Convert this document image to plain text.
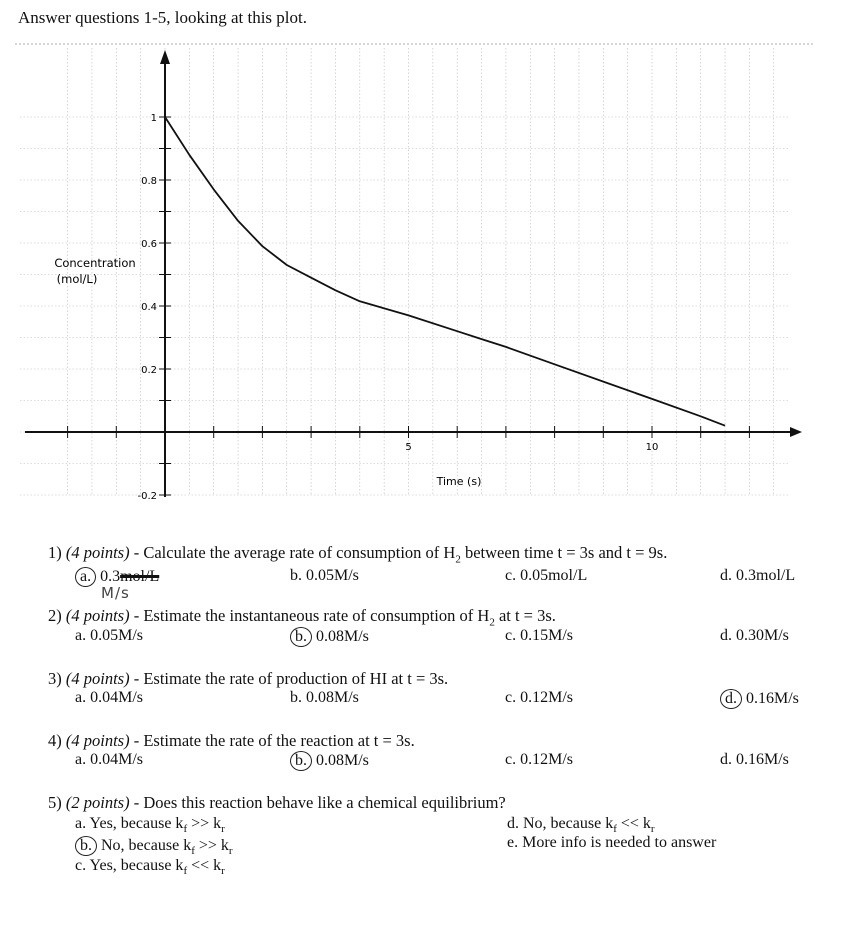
Answer questions 1-5, looking at this plot.
5	10
1
0.8
0.6
0.4
0.2
-0.2
Concentration
(mol/L)
Time (s)
1) (4 points) - Calculate the average rate of consumption of $H_2$ between time t = 3s and t = 9s.
a. 0.3mol/L
M/s
b. 0.05M/s	c. 0.05mol/L	d. 0.3mol/L
2) (4 points) - Estimate the instantaneous rate of consumption of $H_2$ at t = 3s.
a. 0.05M/s	b. 0.08M/s	c. 0.15M/s	d. 0.30M/s
3) (4 points) - Estimate the rate of production of HI at t = 3s.
a. 0.04M/s	b. 0.08M/s	c. 0.12M/s	d. 0.16M/s
4) (4 points) - Estimate the rate of the reaction at t = 3s.
a. 0.04M/s	b. 0.08M/s	c. 0.12M/s	d. 0.16M/s
5) (2 points) - Does this reaction behave like a chemical equilibrium?
a. Yes, because $k_f >> k_r$
b. No, because $k_f >> k_r$
c. Yes, because $k_f << k_r$
d. No, because $k_f << k_r$
e. More info is needed to answer
